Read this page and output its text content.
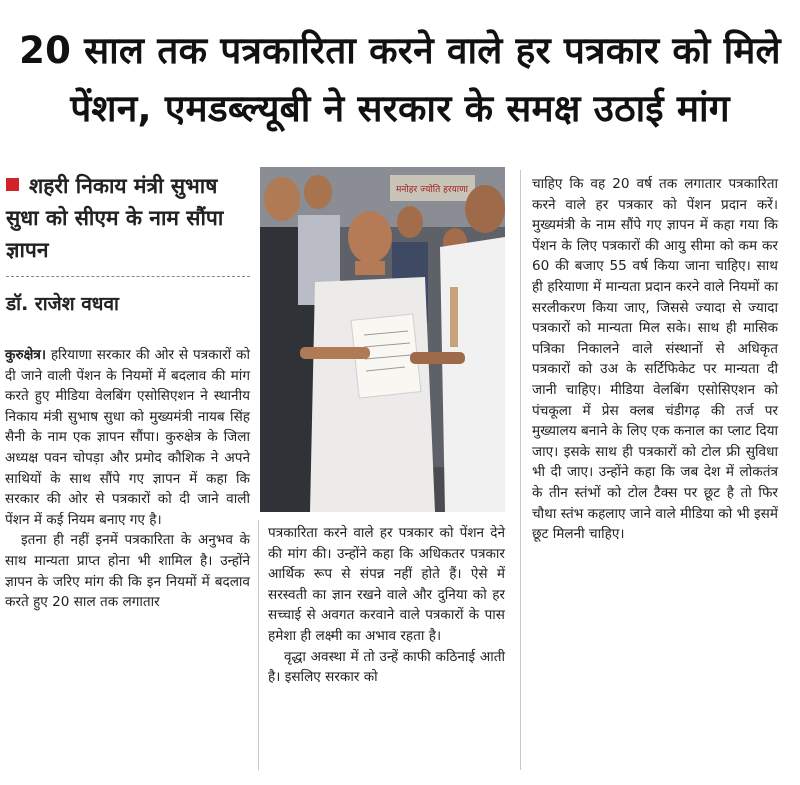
20 साल तक पत्रकारिता करने वाले हर पत्रकार को मिले
पेंशन, एमडब्ल्यूबी ने सरकार के समक्ष उठाई मांग
शहरी निकाय मंत्री सुभाष सुधा को सीएम के नाम सौंपा ज्ञापन
डॉ. राजेश वधवा

कुरुक्षेत्र। हरियाणा सरकार की ओर से पत्रकारों को दी जाने वाली पेंशन के नियमों में बदलाव की मांग करते हुए मीडिया वेलबिंग एसोसिएशन ने स्थानीय निकाय मंत्री सुभाष सुधा को मुख्यमंत्री नायब सिंह सैनी के नाम एक ज्ञापन सौंपा। कुरुक्षेत्र के जिला अध्यक्ष पवन चोपड़ा और प्रमोद कौशिक ने अपने साथियों के साथ सौंपे गए ज्ञापन में कहा कि सरकार की ओर से पत्रकारों को दी जाने वाली पेंशन में कई नियम बनाए गए है।

इतना ही नहीं इनमें पत्रकारिता के अनुभव के साथ मान्यता प्राप्त होना भी शामिल है। उन्होंने ज्ञापन के जरिए मांग की कि इन नियमों में बदलाव करते हुए 20 साल तक लगातार

मनोहर ज्योति हरयाणा

पत्रकारिता करने वाले हर पत्रकार को पेंशन देने की मांग की। उन्होंने कहा कि अधिकतर पत्रकार आर्थिक रूप से संपन्न नहीं होते हैं। ऐसे में सरस्वती का ज्ञान रखने वाले और दुनिया को हर सच्चाई से अवगत करवाने वाले पत्रकारों के पास हमेशा ही लक्ष्मी का अभाव रहता है।

वृद्धा अवस्था में तो उन्हें काफी कठिनाई आती है। इसलिए सरकार को

चाहिए कि वह 20 वर्ष तक लगातार पत्रकारिता करने वाले हर पत्रकार को पेंशन प्रदान करें। मुख्यमंत्री के नाम सौंपे गए ज्ञापन में कहा गया कि पेंशन के लिए पत्रकारों की आयु सीमा को कम कर 60 की बजाए 55 वर्ष किया जाना चाहिए। साथ ही हरियाणा में मान्यता प्रदान करने वाले नियमों का सरलीकरण किया जाए, जिससे ज्यादा से ज्यादा पत्रकारों को मान्यता मिल सके। साथ ही मासिक पत्रिका निकालने वाले संस्थानों से अधिकृत पत्रकारों को उअ के सर्टिफिकेट पर मान्यता दी जानी चाहिए। मीडिया वेलबिंग एसोसिएशन को पंचकूला में प्रेस क्लब चंडीगढ़ की तर्ज पर मुख्यालय बनाने के लिए एक कनाल का प्लाट दिया जाए। इसके साथ ही पत्रकारों को टोल फ्री सुविधा भी दी जाए। उन्होंने कहा कि जब देश में लोकतंत्र के तीन स्तंभों को टोल टैक्स पर छूट है तो फिर चौथा स्तंभ कहलाए जाने वाले मीडिया को भी इसमें छूट मिलनी चाहिए।
